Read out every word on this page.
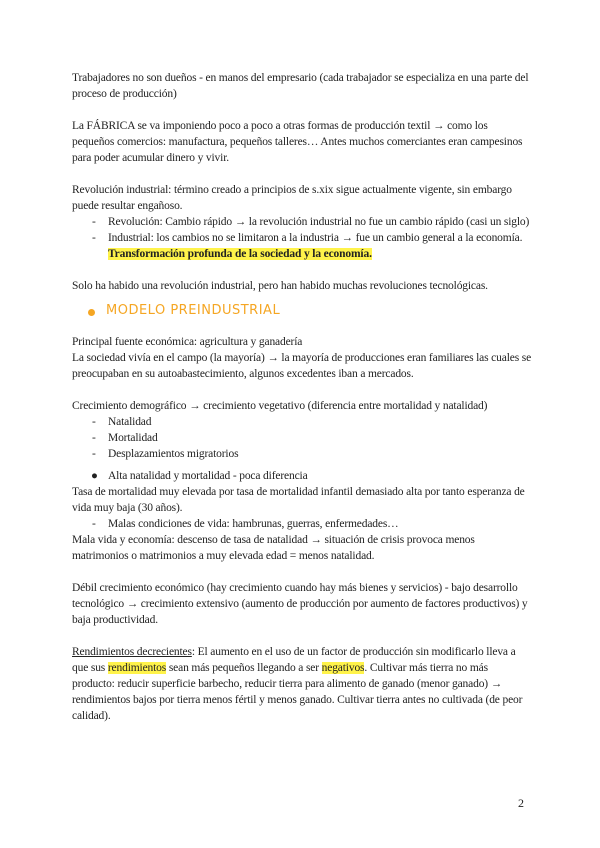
Trabajadores no son dueños - en manos del empresario (cada trabajador se especializa en una parte del proceso de producción)

La FÁBRICA se va imponiendo poco a poco a otras formas de producción textil → como los pequeños comercios: manufactura, pequeños talleres… Antes muchos comerciantes eran campesinos para poder acumular dinero y vivir.

Revolución industrial: término creado a principios de s.xix sigue actualmente vigente, sin embargo puede resultar engañoso.

- Revolución: Cambio rápido → la revolución industrial no fue un cambio rápido (casi un siglo)
- Industrial: los cambios no se limitaron a la industria → fue un cambio general a la economía. Transformación profunda de la sociedad y la economía.

Solo ha habido una revolución industrial, pero han habido muchas revoluciones tecnológicas.

MODELO PREINDUSTRIAL

Principal fuente económica: agricultura y ganadería

La sociedad vivía en el campo (la mayoría) → la mayoría de producciones eran familiares las cuales se preocupaban en su autoabastecimiento, algunos excedentes iban a mercados.

Crecimiento demográfico → crecimiento vegetativo (diferencia entre mortalidad y natalidad)

- Natalidad
- Mortalidad
- Desplazamientos migratorios

● Alta natalidad y mortalidad - poca diferencia

Tasa de mortalidad muy elevada por tasa de mortalidad infantil demasiado alta por tanto esperanza de vida muy baja (30 años).

- Malas condiciones de vida: hambrunas, guerras, enfermedades…

Mala vida y economía: descenso de tasa de natalidad → situación de crisis provoca menos matrimonios o matrimonios a muy elevada edad = menos natalidad.

Débil crecimiento económico (hay crecimiento cuando hay más bienes y servicios) - bajo desarrollo tecnológico → crecimiento extensivo (aumento de producción por aumento de factores productivos) y baja productividad.

Rendimientos decrecientes: El aumento en el uso de un factor de producción sin modificarlo lleva a que sus rendimientos sean más pequeños llegando a ser negativos. Cultivar más tierra no más producto: reducir superficie barbecho, reducir tierra para alimento de ganado (menor ganado) → rendimientos bajos por tierra menos fértil y menos ganado. Cultivar tierra antes no cultivada (de peor calidad).

2
